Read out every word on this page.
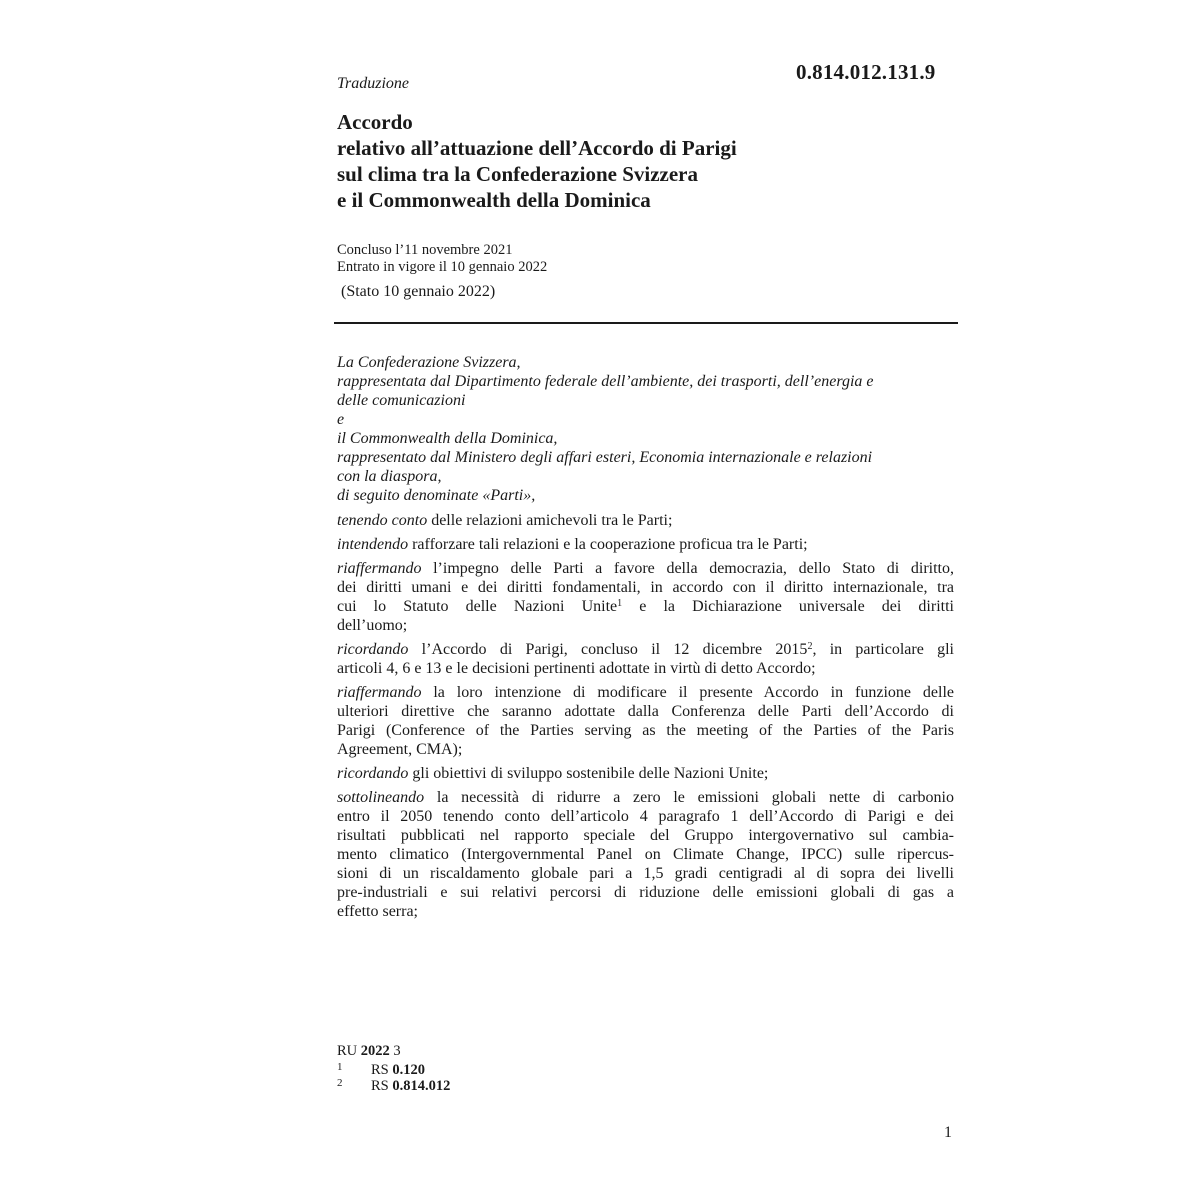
0.814.012.131.9
Traduzione
Accordo
relativo all’attuazione dell’Accordo di Parigi
sul clima tra la Confederazione Svizzera
e il Commonwealth della Dominica
Concluso l’11 novembre 2021
Entrato in vigore il 10 gennaio 2022
(Stato 10 gennaio 2022)
La Confederazione Svizzera,
rappresentata dal Dipartimento federale dell’ambiente, dei trasporti, dell’energia e
delle comunicazioni
e
il Commonwealth della Dominica,
rappresentato dal Ministero degli affari esteri, Economia internazionale e relazioni
con la diaspora,
di seguito denominate «Parti»,
tenendo conto delle relazioni amichevoli tra le Parti;
intendendo rafforzare tali relazioni e la cooperazione proficua tra le Parti;
riaffermando l’impegno delle Parti a favore della democrazia, dello Stato di diritto,
dei diritti umani e dei diritti fondamentali, in accordo con il diritto internazionale, tra
cui lo Statuto delle Nazioni Unite$^1$ e la Dichiarazione universale dei diritti
dell’uomo;
ricordando l’Accordo di Parigi, concluso il 12 dicembre 2015$^2$, in particolare gli
articoli 4, 6 e 13 e le decisioni pertinenti adottate in virtù di detto Accordo;
riaffermando la loro intenzione di modificare il presente Accordo in funzione delle
ulteriori direttive che saranno adottate dalla Conferenza delle Parti dell’Accordo di
Parigi (Conference of the Parties serving as the meeting of the Parties of the Paris
Agreement, CMA);
ricordando gli obiettivi di sviluppo sostenibile delle Nazioni Unite;
sottolineando la necessità di ridurre a zero le emissioni globali nette di carbonio
entro il 2050 tenendo conto dell’articolo 4 paragrafo 1 dell’Accordo di Parigi e dei
risultati pubblicati nel rapporto speciale del Gruppo intergovernativo sul cambia-
mento climatico (Intergovernmental Panel on Climate Change, IPCC) sulle ripercus-
sioni di un riscaldamento globale pari a 1,5 gradi centigradi al di sopra dei livelli
pre-industriali e sui relativi percorsi di riduzione delle emissioni globali di gas a
effetto serra;
RU 2022 3
1 RS 0.120
2 RS 0.814.012
1
